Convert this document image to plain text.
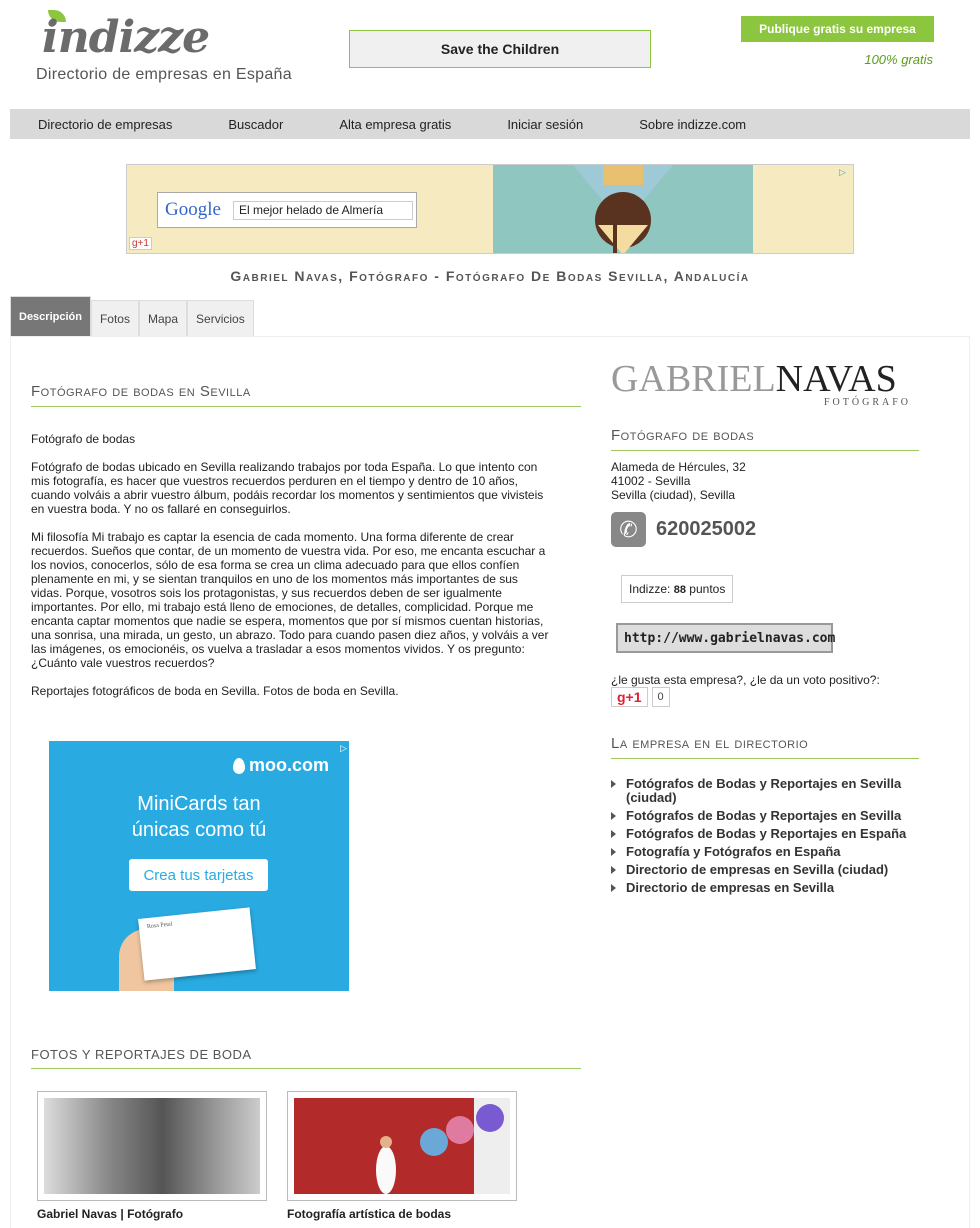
indizze
Directorio de empresas en España
Save the Children
Publique gratis su empresa
100% gratis
Directorio de empresas	Buscador	Alta empresa gratis	Iniciar sesión	Sobre indizze.com
Google	El mejor helado de Almería
g+1
▷
Gabriel Navas, Fotógrafo - Fotógrafo De Bodas Sevilla, Andalucía
Descripción	Fotos	Mapa	Servicios
Fotógrafo de bodas en Sevilla

Fotógrafo de bodas

Fotógrafo de bodas ubicado en Sevilla realizando trabajos por toda España. Lo que intento con mis fotografía, es hacer que vuestros recuerdos perduren en el tiempo y dentro de 10 años, cuando volváis a abrir vuestro álbum, podáis recordar los momentos y sentimientos que vivisteis en vuestra boda. Y no os fallaré en conseguirlos.

Mi filosofía Mi trabajo es captar la esencia de cada momento. Una forma diferente de crear recuerdos. Sueños que contar, de un momento de vuestra vida. Por eso, me encanta escuchar a los novios, conocerlos, sólo de esa forma se crea un clima adecuado para que ellos confíen plenamente en mi, y se sientan tranquilos en uno de los momentos más importantes de sus vidas. Porque, vosotros sois los protagonistas, y sus recuerdos deben de ser igualmente importantes. Por ello, mi trabajo está lleno de emociones, de detalles, complicidad. Porque me encanta captar momentos que nadie se espera, momentos que por sí mismos cuentan historias, una sonrisa, una mirada, un gesto, un abrazo. Todo para cuando pasen diez años, y volváis a ver las imágenes, os emocionéis, os vuelva a trasladar a esos momentos vividos. Y os pregunto: ¿Cuánto vale vuestros recuerdos?

Reportajes fotográficos de boda en Sevilla. Fotos de boda en Sevilla.

▷
moo.com
MiniCards tan
únicas como tú
Crea tus tarjetas
Rosa Petal
FOTOS Y REPORTAJES DE BODA
Gabriel Navas | Fotógrafo	Fotografía artística de bodas
GABRIELNAVAS
FOTÓGRAFO
Fotógrafo de bodas
Alameda de Hércules, 32
41002 - Sevilla
Sevilla (ciudad), Sevilla
✆ 620025002
Indizze: 88 puntos
http://www.gabrielnavas.com
¿le gusta esta empresa?, ¿le da un voto positivo?:
g+1	0
La empresa en el directorio
Fotógrafos de Bodas y Reportajes en Sevilla (ciudad)
Fotógrafos de Bodas y Reportajes en Sevilla
Fotógrafos de Bodas y Reportajes en España
Fotografía y Fotógrafos en España
Directorio de empresas en Sevilla (ciudad)
Directorio de empresas en Sevilla
